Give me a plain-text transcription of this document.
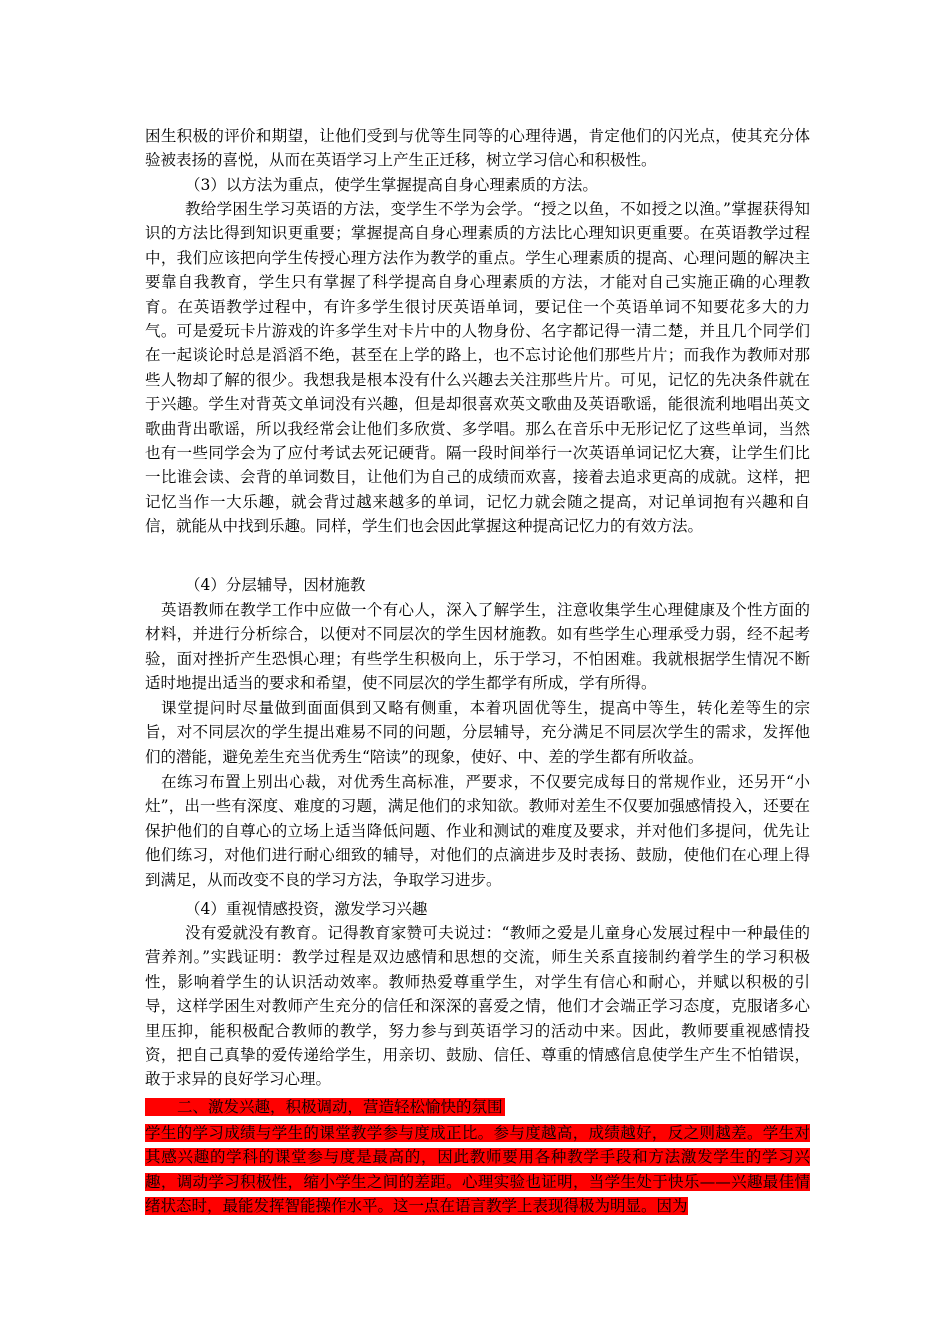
困生积极的评价和期望，让他们受到与优等生同等的心理待遇，肯定他们的闪光点，使其充分体验被表扬的喜悦，从而在英语学习上产生正迁移，树立学习信心和积极性。

（3）以方法为重点，使学生掌握提高自身心理素质的方法。

教给学困生学习英语的方法，变学生不学为会学。“授之以鱼，不如授之以渔。”掌握获得知识的方法比得到知识更重要；掌握提高自身心理素质的方法比心理知识更重要。在英语教学过程中，我们应该把向学生传授心理方法作为教学的重点。学生心理素质的提高、心理问题的解决主要靠自我教育，学生只有掌握了科学提高自身心理素质的方法，才能对自己实施正确的心理教育。在英语教学过程中，有许多学生很讨厌英语单词，要记住一个英语单词不知要花多大的力气。可是爱玩卡片游戏的许多学生对卡片中的人物身份、名字都记得一清二楚，并且几个同学们在一起谈论时总是滔滔不绝，甚至在上学的路上，也不忘讨论他们那些片片；而我作为教师对那些人物却了解的很少。我想我是根本没有什么兴趣去关注那些片片。可见，记忆的先决条件就在于兴趣。学生对背英文单词没有兴趣，但是却很喜欢英文歌曲及英语歌谣，能很流利地唱出英文歌曲背出歌谣，所以我经常会让他们多欣赏、多学唱。那么在音乐中无形记忆了这些单词，当然也有一些同学会为了应付考试去死记硬背。隔一段时间举行一次英语单词记忆大赛，让学生们比一比谁会读、会背的单词数目，让他们为自己的成绩而欢喜，接着去追求更高的成就。这样，把记忆当作一大乐趣，就会背过越来越多的单词，记忆力就会随之提高，对记单词抱有兴趣和自信，就能从中找到乐趣。同样，学生们也会因此掌握这种提高记忆力的有效方法。

（4）分层辅导，因材施教

英语教师在教学工作中应做一个有心人，深入了解学生，注意收集学生心理健康及个性方面的材料，并进行分析综合，以便对不同层次的学生因材施教。如有些学生心理承受力弱，经不起考验，面对挫折产生恐惧心理；有些学生积极向上，乐于学习，不怕困难。我就根据学生情况不断适时地提出适当的要求和希望，使不同层次的学生都学有所成，学有所得。

课堂提问时尽量做到面面俱到又略有侧重，本着巩固优等生，提高中等生，转化差等生的宗旨，对不同层次的学生提出难易不同的问题，分层辅导，充分满足不同层次学生的需求，发挥他们的潜能，避免差生充当优秀生“陪读”的现象，使好、中、差的学生都有所收益。

在练习布置上别出心裁，对优秀生高标准，严要求，不仅要完成每日的常规作业，还另开“小灶”，出一些有深度、难度的习题，满足他们的求知欲。教师对差生不仅要加强感情投入，还要在保护他们的自尊心的立场上适当降低问题、作业和测试的难度及要求，并对他们多提问，优先让他们练习，对他们进行耐心细致的辅导，对他们的点滴进步及时表扬、鼓励，使他们在心理上得到满足，从而改变不良的学习方法，争取学习进步。

（4）重视情感投资，激发学习兴趣

没有爱就没有教育。记得教育家赞可夫说过：“教师之爱是儿童身心发展过程中一种最佳的营养剂。”实践证明：教学过程是双边感情和思想的交流，师生关系直接制约着学生的学习积极性，影响着学生的认识活动效率。教师热爱尊重学生，对学生有信心和耐心，并赋以积极的引导，这样学困生对教师产生充分的信任和深深的喜爱之情，他们才会端正学习态度，克服诸多心里压抑，能积极配合教师的教学，努力参与到英语学习的活动中来。因此，教师要重视感情投资，把自己真挚的爱传递给学生，用亲切、鼓励、信任、尊重的情感信息使学生产生不怕错误，敢于求异的良好学习心理。

二、激发兴趣，积极调动，营造轻松愉快的氛围

学生的学习成绩与学生的课堂教学参与度成正比。参与度越高，成绩越好，反之则越差。学生对其感兴趣的学科的课堂参与度是最高的，因此教师要用各种教学手段和方法激发学生的学习兴趣，调动学习积极性，缩小学生之间的差距。心理实验也证明，当学生处于快乐——兴趣最佳情绪状态时，最能发挥智能操作水平。这一点在语言教学上表现得极为明显。因为
